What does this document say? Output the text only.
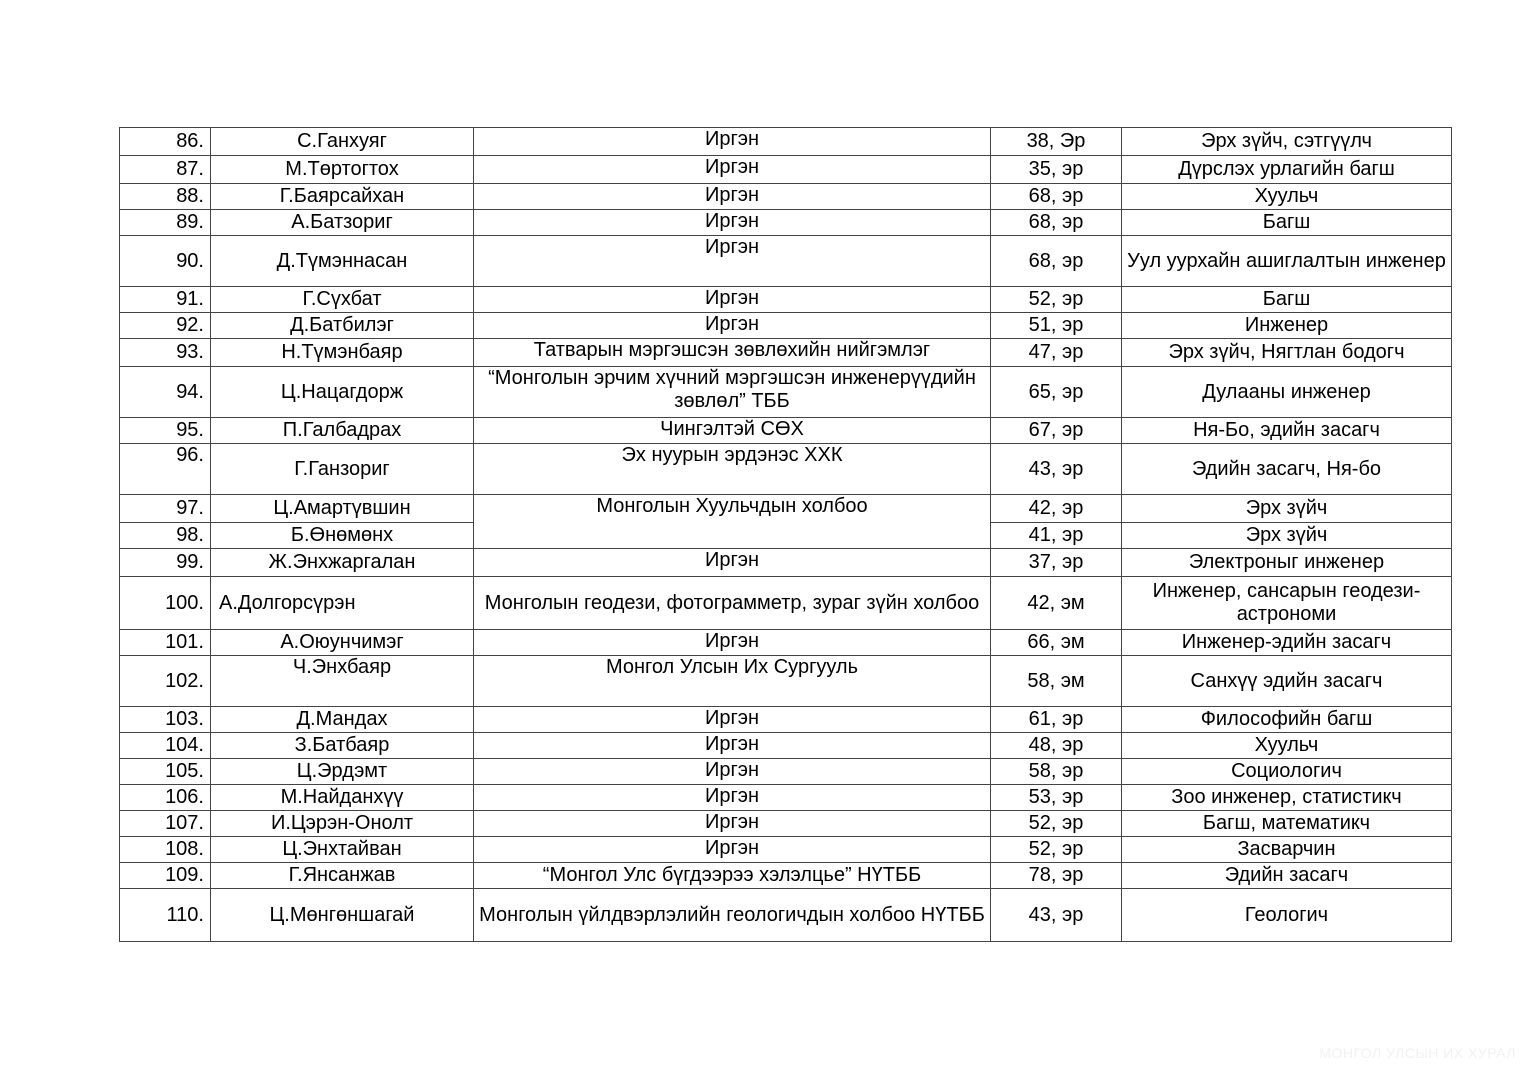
86.	С.Ганхуяг	Иргэн	38, Эр	Эрх зүйч, сэтгүүлч
87.	М.Төртогтох	Иргэн	35, эр	Дүрслэх урлагийн багш
88.	Г.Баярсайхан	Иргэн	68, эр	Хуульч
89.	А.Батзориг	Иргэн	68, эр	Багш
90.	Д.Түмэннасан	Иргэн	68, эр	Уул уурхайн ашиглалтын инженер
91.	Г.Сүхбат	Иргэн	52, эр	Багш
92.	Д.Батбилэг	Иргэн	51, эр	Инженер
93.	Н.Түмэнбаяр	Татварын мэргэшсэн зөвлөхийн нийгэмлэг	47, эр	Эрх зүйч, Нягтлан бодогч
94.	Ц.Нацагдорж	“Монголын эрчим хүчний мэргэшсэн инженерүүдийн зөвлөл” ТББ	65, эр	Дулааны инженер
95.	П.Галбадрах	Чингэлтэй СӨХ	67, эр	Ня-Бо, эдийн засагч
96.	Г.Ганзориг	Эх нуурын эрдэнэс ХХК	43, эр	Эдийн засагч, Ня-бо
97.	Ц.Амартүвшин	Монголын Хуульчдын холбоо	42, эр	Эрх зүйч
98.	Б.Өнөмөнх		41, эр	Эрх зүйч
99.	Ж.Энхжаргалан	Иргэн	37, эр	Электроныг инженер
100.	А.Долгорсүрэн	Монголын геодези, фотограмметр, зураг зүйн холбоо	42, эм	Инженер, сансарын геодези-астрономи
101.	А.Оюунчимэг	Иргэн	66, эм	Инженер-эдийн засагч
102.	Ч.Энхбаяр	Монгол Улсын Их Сургууль	58, эм	Санхүү эдийн засагч
103.	Д.Мандах	Иргэн	61, эр	Философийн багш
104.	З.Батбаяр	Иргэн	48, эр	Хуульч
105.	Ц.Эрдэмт	Иргэн	58, эр	Социологич
106.	М.Найданхүү	Иргэн	53, эр	Зоо инженер, статистикч
107.	И.Цэрэн-Онолт	Иргэн	52, эр	Багш, математикч
108.	Ц.Энхтайван	Иргэн	52, эр	Засварчин
109.	Г.Янсанжав	“Монгол Улс бүгдээрээ хэлэлцье” НҮТББ	78, эр	Эдийн засагч
110.	Ц.Мөнгөншагай	Монголын үйлдвэрлэлийн геологичдын холбоо НҮТББ	43, эр	Геологич
МОНГОЛ УЛСЫН ИХ ХУРАЛ
